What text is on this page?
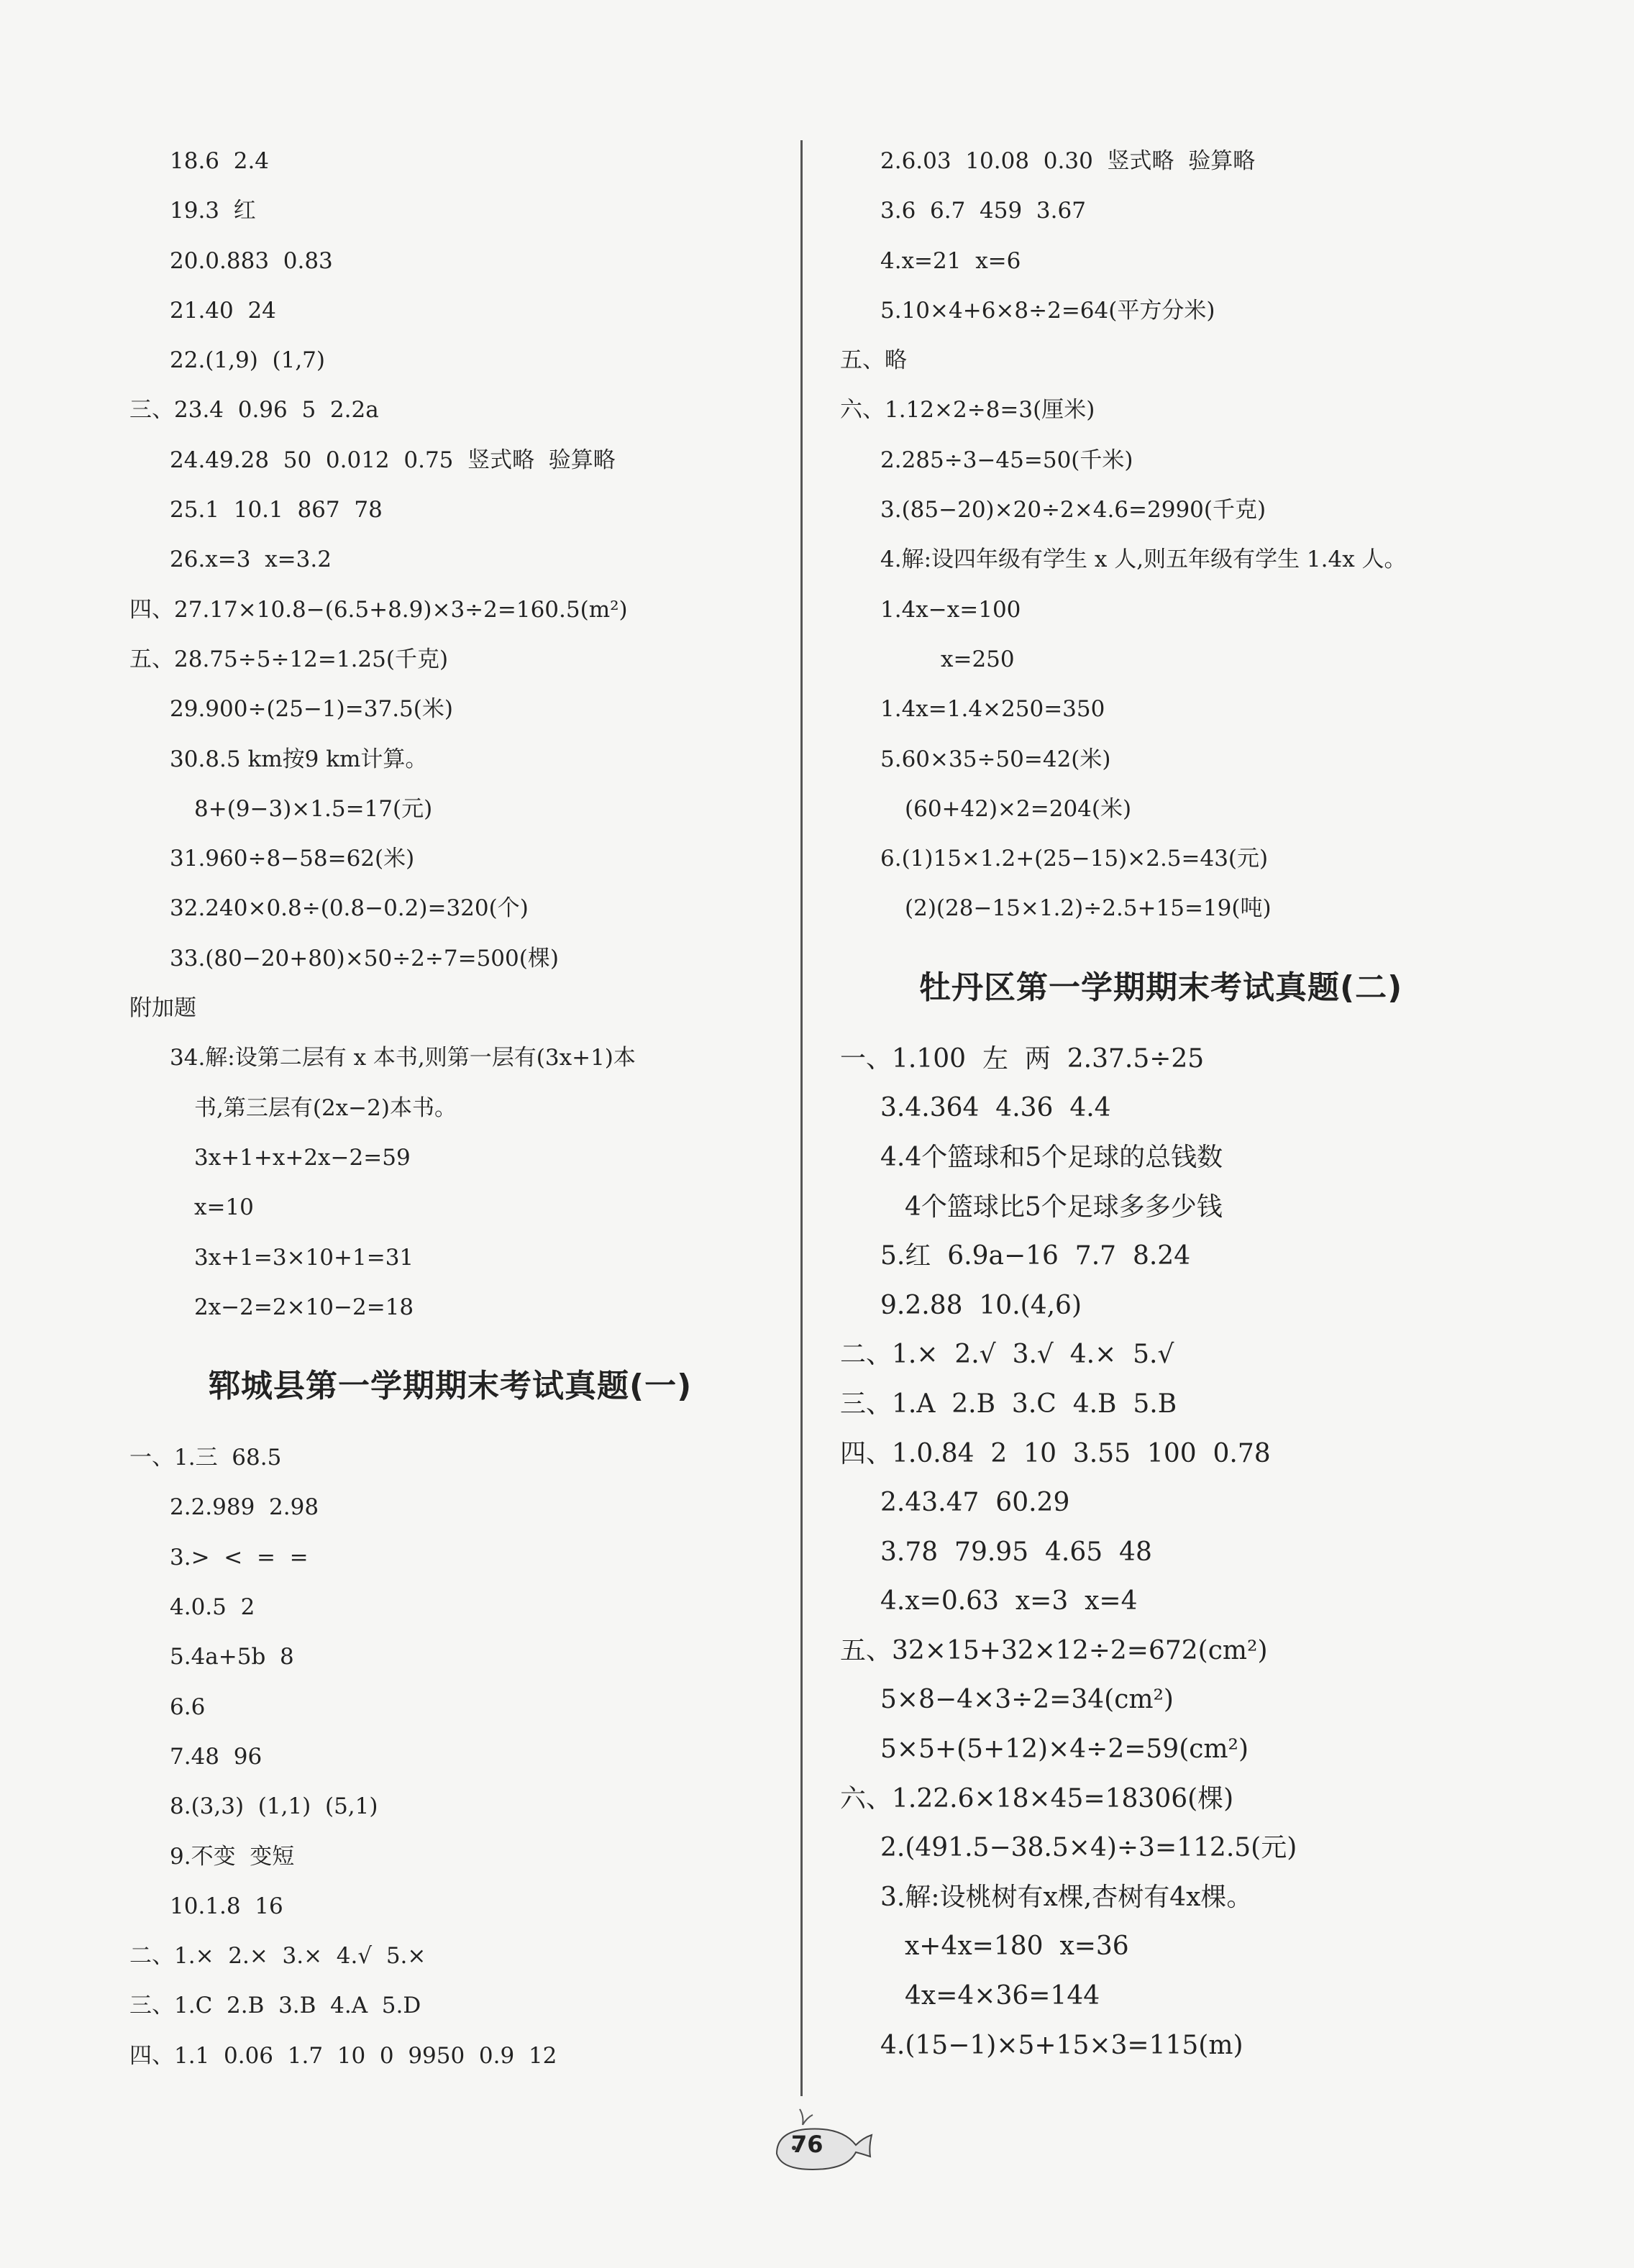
18.6  2.4
19.3  红
20.0.883  0.83
21.40  24
22.(1,9)  (1,7)
三、23.4  0.96  5  2.2a
24.49.28  50  0.012  0.75  竖式略  验算略
25.1  10.1  867  78
26.x=3  x=3.2
四、27.17×10.8−(6.5+8.9)×3÷2=160.5(m²)
五、28.75÷5÷12=1.25(千克)
29.900÷(25−1)=37.5(米)
30.8.5 km按9 km计算。
8+(9−3)×1.5=17(元)
31.960÷8−58=62(米)
32.240×0.8÷(0.8−0.2)=320(个)
33.(80−20+80)×50÷2÷7=500(棵)
附加题
34.解:设第二层有 x 本书,则第一层有(3x+1)本
书,第三层有(2x−2)本书。
3x+1+x+2x−2=59
x=10
3x+1=3×10+1=31
2x−2=2×10−2=18
郓城县第一学期期末考试真题(一)
一、1.三  68.5
2.2.989  2.98
3.>  <  =  =
4.0.5  2
5.4a+5b  8
6.6
7.48  96
8.(3,3)  (1,1)  (5,1)
9.不变  变短
10.1.8  16
二、1.×  2.×  3.×  4.√  5.×
三、1.C  2.B  3.B  4.A  5.D
四、1.1  0.06  1.7  10  0  9950  0.9  12
2.6.03  10.08  0.30  竖式略  验算略
3.6  6.7  459  3.67
4.x=21  x=6
5.10×4+6×8÷2=64(平方分米)
五、略
六、1.12×2÷8=3(厘米)
2.285÷3−45=50(千米)
3.(85−20)×20÷2×4.6=2990(千克)
4.解:设四年级有学生 x 人,则五年级有学生 1.4x 人。
1.4x−x=100
x=250
1.4x=1.4×250=350
5.60×35÷50=42(米)
(60+42)×2=204(米)
6.(1)15×1.2+(25−15)×2.5=43(元)
(2)(28−15×1.2)÷2.5+15=19(吨)
牡丹区第一学期期末考试真题(二)
一、1.100  左  两  2.37.5÷25
3.4.364  4.36  4.4
4.4个篮球和5个足球的总钱数
4个篮球比5个足球多多少钱
5.红  6.9a−16  7.7  8.24
9.2.88  10.(4,6)
二、1.×  2.√  3.√  4.×  5.√
三、1.A  2.B  3.C  4.B  5.B
四、1.0.84  2  10  3.55  100  0.78
2.43.47  60.29
3.78  79.95  4.65  48
4.x=0.63  x=3  x=4
五、32×15+32×12÷2=672(cm²)
5×8−4×3÷2=34(cm²)
5×5+(5+12)×4÷2=59(cm²)
六、1.22.6×18×45=18306(棵)
2.(491.5−38.5×4)÷3=112.5(元)
3.解:设桃树有x棵,杏树有4x棵。
x+4x=180  x=36
4x=4×36=144
4.(15−1)×5+15×3=115(m)
76
